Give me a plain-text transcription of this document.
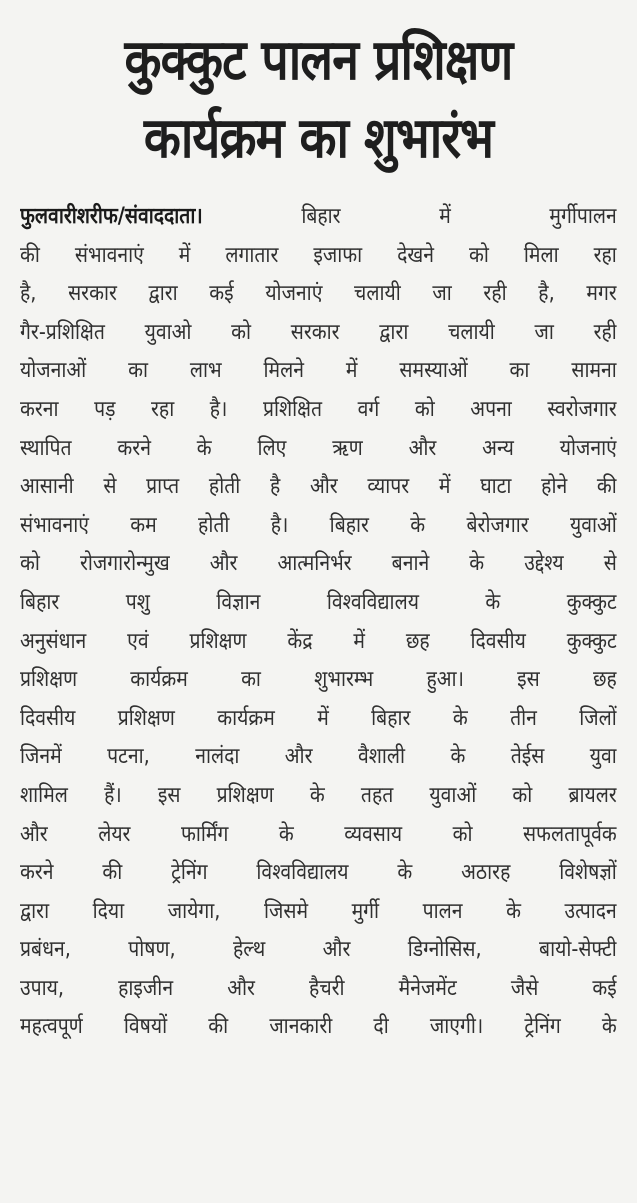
कुक्कुट पालन प्रशिक्षण
कार्यक्रम का शुभारंभ
फुलवारीशरीफ/संवाददाता। बिहार में मुर्गीपालन
की संभावनाएं में लगातार इजाफा देखने को मिला रहा
है, सरकार द्वारा कई योजनाएं चलायी जा रही है, मगर
गैर-प्रशिक्षित युवाओ को सरकार द्वारा चलायी जा रही
योजनाओं का लाभ मिलने में समस्याओं का सामना
करना पड़ रहा है। प्रशिक्षित वर्ग को अपना स्वरोजगार
स्थापित करने के लिए ऋण और अन्य योजनाएं
आसानी से प्राप्त होती है और व्यापर में घाटा होने की
संभावनाएं कम होती है। बिहार के बेरोजगार युवाओं
को रोजगारोन्मुख और आत्मनिर्भर बनाने के उद्देश्य से
बिहार पशु विज्ञान विश्वविद्यालय के कुक्कुट
अनुसंधान एवं प्रशिक्षण केंद्र में छह दिवसीय कुक्कुट
प्रशिक्षण कार्यक्रम का शुभारम्भ हुआ। इस छह
दिवसीय प्रशिक्षण कार्यक्रम में बिहार के तीन जिलों
जिनमें पटना, नालंदा और वैशाली के तेईस युवा
शामिल हैं। इस प्रशिक्षण के तहत युवाओं को ब्रायलर
और लेयर फार्मिंग के व्यवसाय को सफलतापूर्वक
करने की ट्रेनिंग विश्वविद्यालय के अठारह विशेषज्ञों
द्वारा दिया जायेगा, जिसमे मुर्गी पालन के उत्पादन
प्रबंधन, पोषण, हेल्थ और डिग्नोसिस, बायो-सेफ्टी
उपाय, हाइजीन और हैचरी मैनेजमेंट जैसे कई
महत्वपूर्ण विषयों की जानकारी दी जाएगी। ट्रेनिंग के
